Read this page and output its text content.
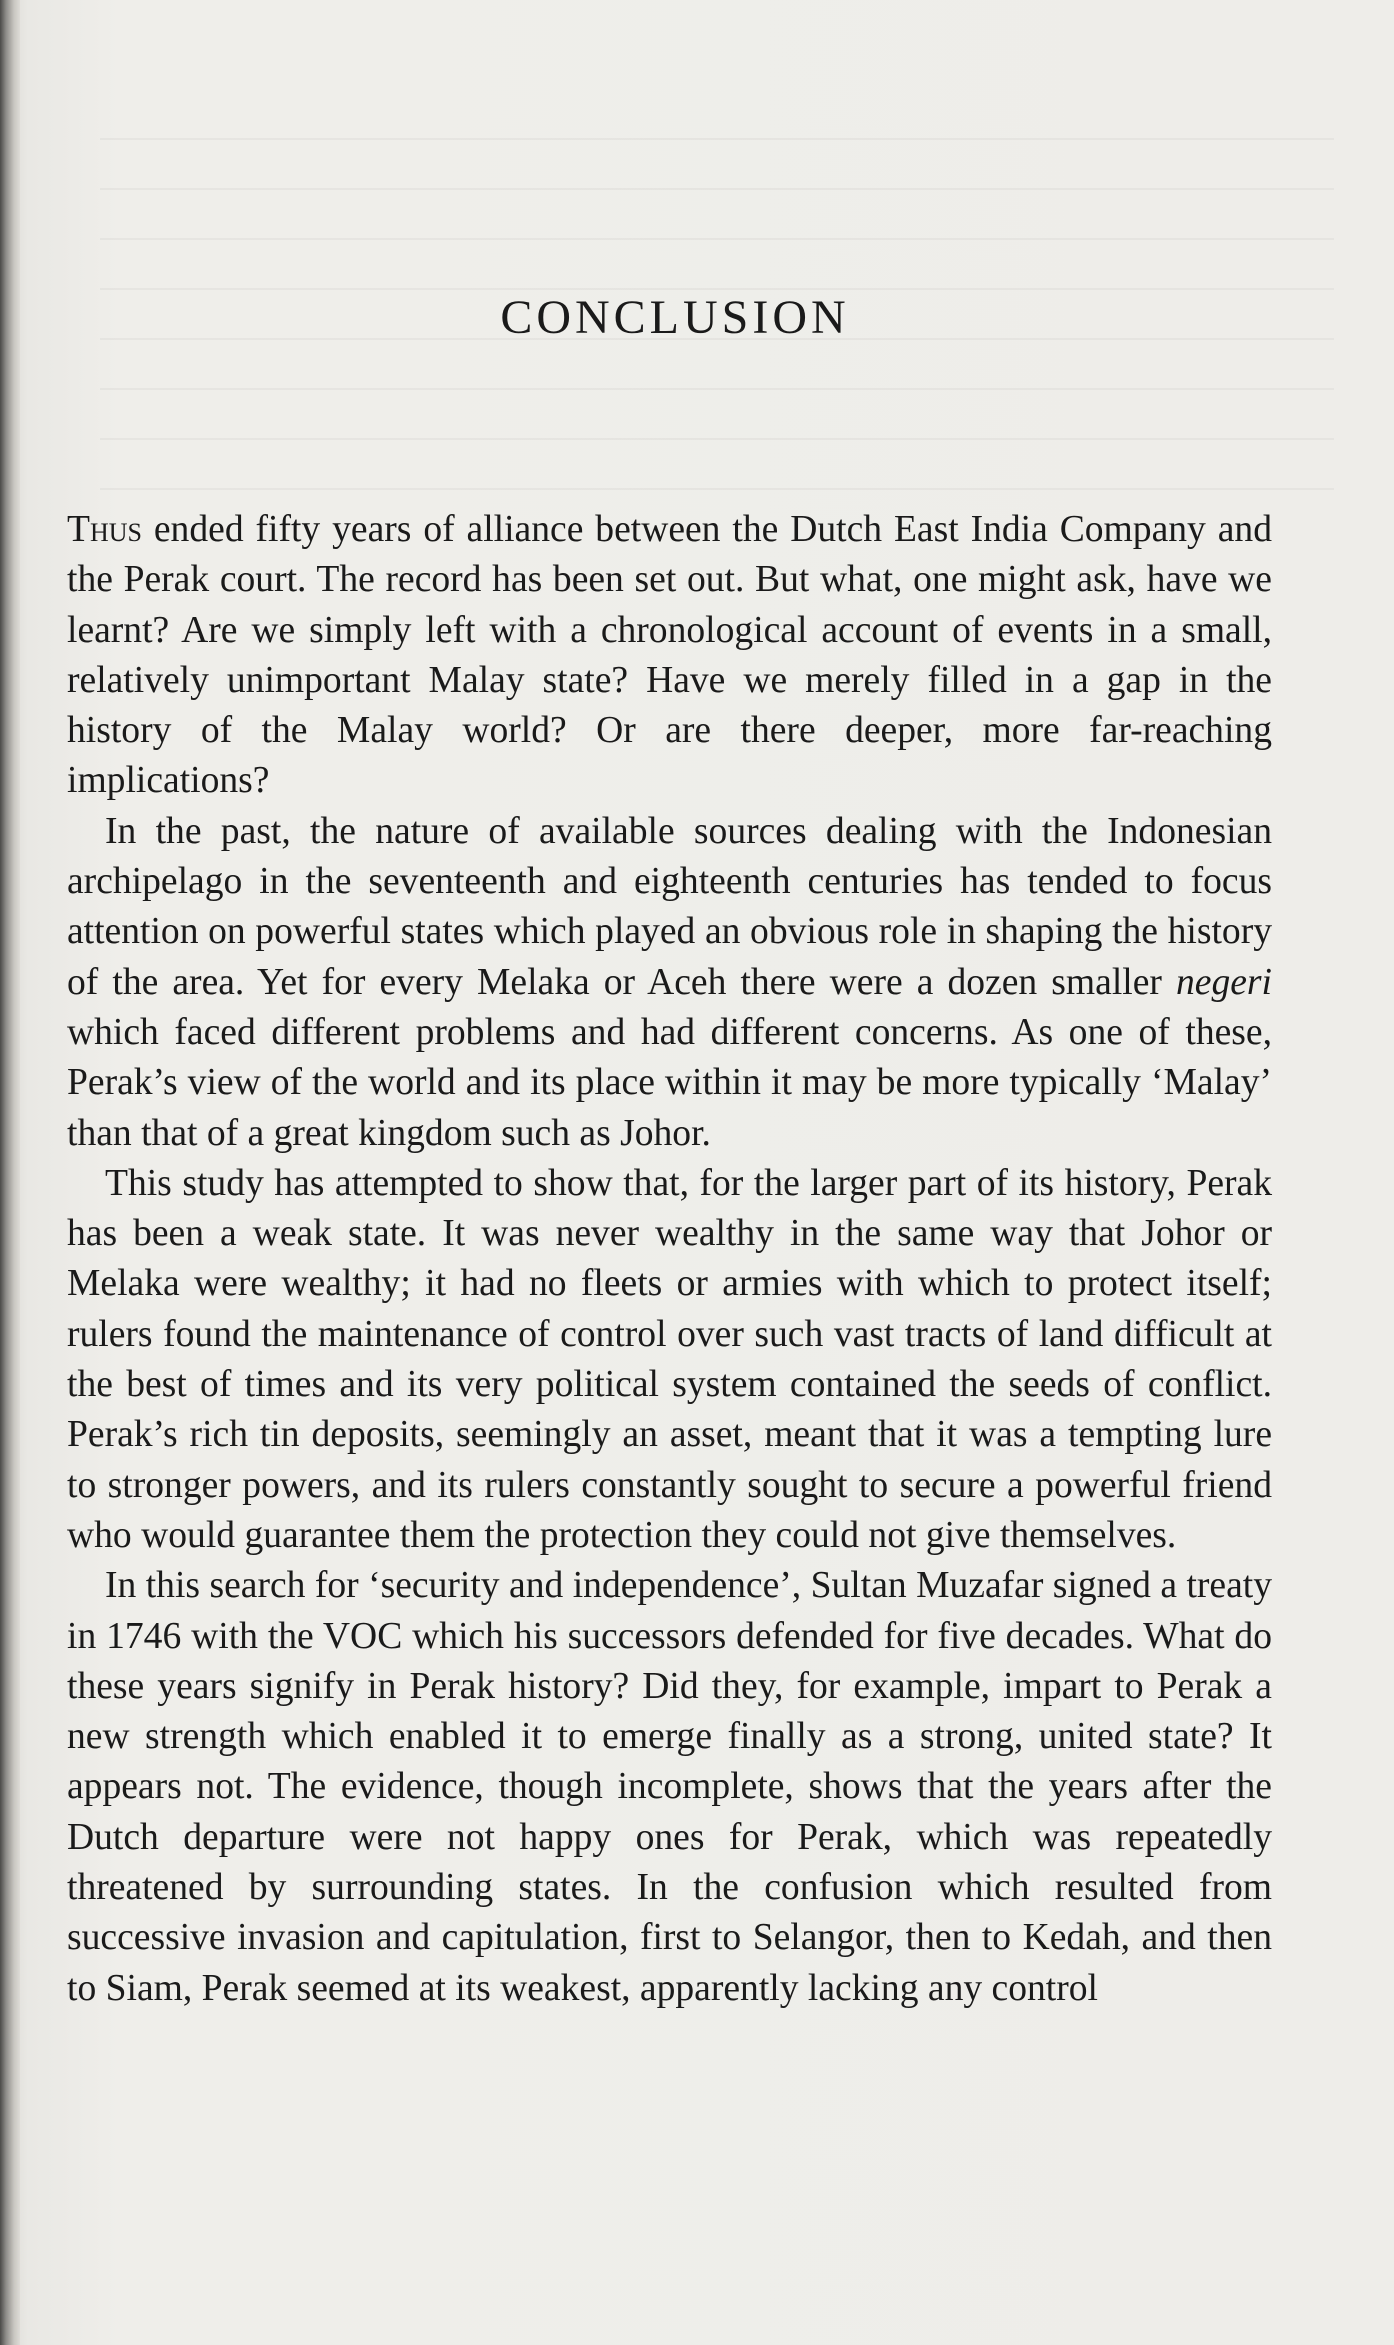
CONCLUSION

Thus ended fifty years of alliance between the Dutch East India Company and the Perak court. The record has been set out. But what, one might ask, have we learnt? Are we simply left with a chronological account of events in a small, relatively unimportant Malay state? Have we merely filled in a gap in the history of the Malay world? Or are there deeper, more far-reaching implications?

In the past, the nature of available sources dealing with the Indonesian archipelago in the seventeenth and eighteenth centuries has tended to focus attention on powerful states which played an obvious role in shaping the history of the area. Yet for every Melaka or Aceh there were a dozen smaller negeri which faced different problems and had different concerns. As one of these, Perak’s view of the world and its place within it may be more typically ‘Malay’ than that of a great kingdom such as Johor.

This study has attempted to show that, for the larger part of its history, Perak has been a weak state. It was never wealthy in the same way that Johor or Melaka were wealthy; it had no fleets or armies with which to protect itself; rulers found the maintenance of control over such vast tracts of land difficult at the best of times and its very political system contained the seeds of conflict. Perak’s rich tin deposits, seemingly an asset, meant that it was a tempting lure to stronger powers, and its rulers constantly sought to secure a powerful friend who would guarantee them the protection they could not give themselves.

In this search for ‘security and independence’, Sultan Muzafar signed a treaty in 1746 with the VOC which his successors defended for five decades. What do these years signify in Perak history? Did they, for example, impart to Perak a new strength which enabled it to emerge finally as a strong, united state? It appears not. The evidence, though incomplete, shows that the years after the Dutch departure were not happy ones for Perak, which was repeatedly threatened by surrounding states. In the confusion which resulted from successive invasion and capitulation, first to Selangor, then to Kedah, and then to Siam, Perak seemed at its weakest, apparently lacking any control
